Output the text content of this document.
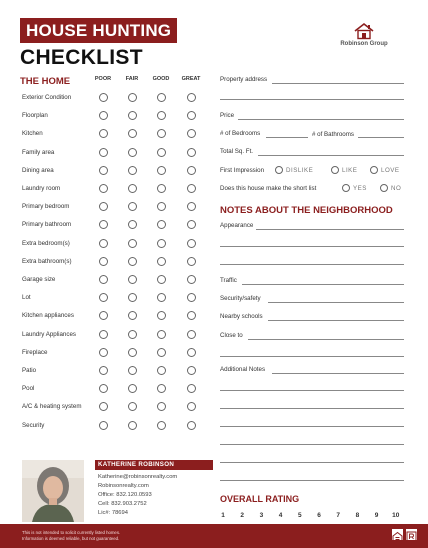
HOUSE HUNTING
CHECKLIST
Robinson Group
THE HOME	POOR	FAIR	GOOD	GREAT
Exterior Condition
Floorplan
Kitchen
Family area
Dining area
Laundry room
Primary bedroom
Primary bathroom
Extra bedroom(s)
Extra bathroom(s)
Garage size
Lot
Kitchen appliances
Laundry Appliances
Fireplace
Patio
Pool
A/C & heating system
Security
Property address
Price
# of Bedrooms	# of Bathrooms
Total Sq. Ft.
First Impression	DISLIKE	LIKE	LOVE
Does this house make the short list	YES	NO
NOTES ABOUT THE NEIGHBORHOOD
Appearance
Traffic
Security/safety
Nearby schools
Close to
Additional Notes
KATHERINE ROBINSON
Katherine@robinsonrealty.com
Robinsonrealty.com
Office: 832.120.0593
Cell: 832.903.2752
Lic#: 78694
OVERALL RATING
1	2	3	4	5	6	7	8	9	10
This is not intended to solicit currently listed homes.
Information is deemed reliable, but not guaranteed.
